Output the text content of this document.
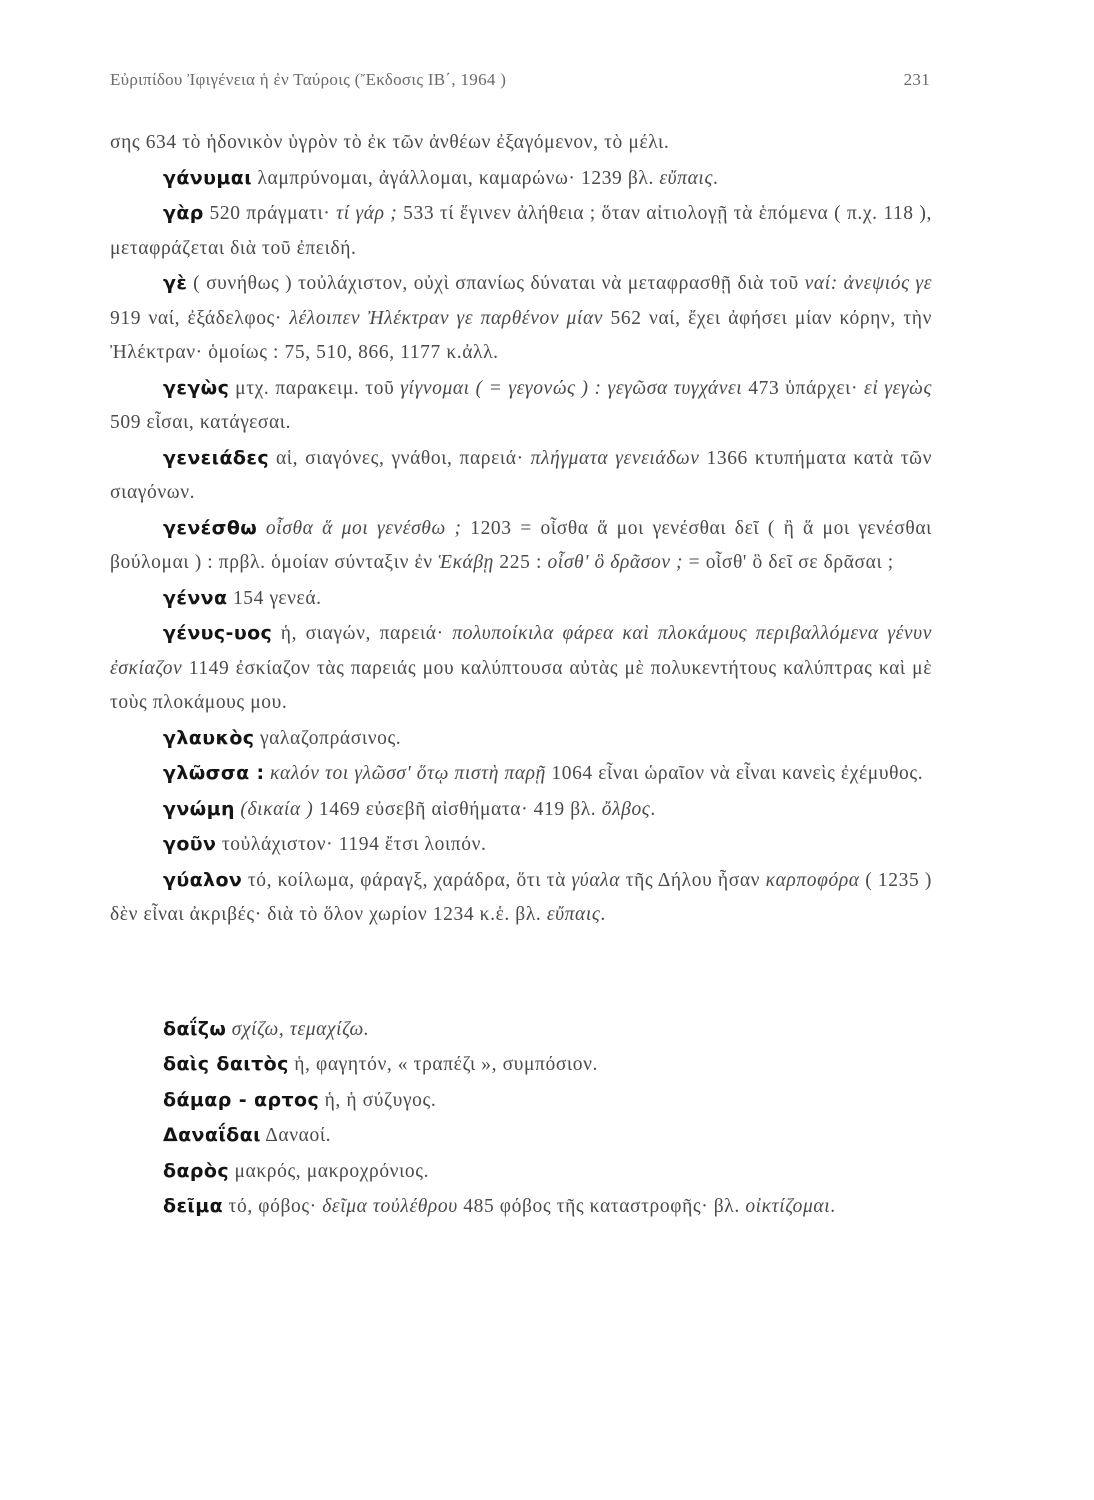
Εὐριπίδου Ἰφιγένεια ἡ ἐν Ταύροις (Ἔκδοσις ΙΒ΄, 1964 )	231

σης 634 τὸ ἡδονικὸν ὑγρὸν τὸ ἐκ τῶν ἀνθέων ἐξαγόμενον, τὸ μέλι.

γάνυμαι λαμπρύνομαι, ἀγάλλομαι, καμαρώνω· 1239 βλ. εὔπαις.

γὰρ 520 πράγματι· τί γάρ ; 533 τί ἔγινεν ἀλήθεια ; ὅταν αἰτιολογῇ τὰ ἑπόμενα ( π.χ. 118 ), μεταφράζεται διὰ τοῦ ἐπειδή.

γὲ ( συνήθως ) τοὐλάχιστον, οὐχὶ σπανίως δύναται νὰ μεταφρασθῇ διὰ τοῦ ναί: ἀνεψιός γε 919 ναί, ἐξάδελφος· λέλοιπεν Ἠλέκτραν γε παρθένον μίαν 562 ναί, ἔχει ἀφήσει μίαν κόρην, τὴν Ἠλέκτραν· ὁμοίως : 75, 510, 866, 1177 κ.ἀλλ.

γεγὼς μτχ. παρακειμ. τοῦ γίγνομαι ( = γεγονώς ) : γεγῶσα τυγχάνει 473 ὑπάρχει· εἰ γεγὼς 509 εἶσαι, κατάγεσαι.

γενειάδες αἱ, σιαγόνες, γνάθοι, παρειά· πλήγματα γενειάδων 1366 κτυπήματα κατὰ τῶν σιαγόνων.

γενέσθω οἶσθα ἅ μοι γενέσθω ; 1203 = οἶσθα ἅ μοι γενέσθαι δεῖ ( ἢ ἅ μοι γενέσθαι βούλομαι ) : πρβλ. ὁμοίαν σύνταξιν ἐν Ἑκάβῃ 225 : οἶσθ' ὃ δρᾶσον ; = οἶσθ' ὃ δεῖ σε δρᾶσαι ;

γέννα 154 γενεά.

γένυς-υος ἡ, σιαγών, παρειά· πολυποίκιλα φάρεα καὶ πλοκάμους περιβαλλόμενα γένυν ἐσκίαζον 1149 ἐσκίαζον τὰς παρειάς μου καλύπτουσα αὐτὰς μὲ πολυκεντήτους καλύπτρας καὶ μὲ τοὺς πλοκάμους μου.

γλαυκὸς γαλαζοπράσινος.

γλῶσσα : καλόν τοι γλῶσσ' ὅτῳ πιστὴ παρῇ 1064 εἶναι ὡραῖον νὰ εἶναι κανεὶς ἐχέμυθος.

γνώμη (δικαία ) 1469 εὐσεβῆ αἰσθήματα· 419 βλ. ὄλβος.

γοῦν τοὐλάχιστον· 1194 ἔτσι λοιπόν.

γύαλον τό, κοίλωμα, φάραγξ, χαράδρα, ὅτι τὰ γύαλα τῆς Δήλου ἦσαν καρποφόρα ( 1235 ) δὲν εἶναι ἀκριβές· διὰ τὸ ὅλον χωρίον 1234 κ.ἑ. βλ. εὔπαις.

δαΐζω σχίζω, τεμαχίζω.

δαὶς δαιτὸς ἡ, φαγητόν, « τραπέζι », συμπόσιον.

δάμαρ - αρτος ἡ, ἡ σύζυγος.

Δαναΐδαι Δαναοί.

δαρὸς μακρός, μακροχρόνιος.

δεῖμα τό, φόβος· δεῖμα τοὐλέθρου 485 φόβος τῆς καταστροφῆς· βλ. οἰκτίζομαι.
